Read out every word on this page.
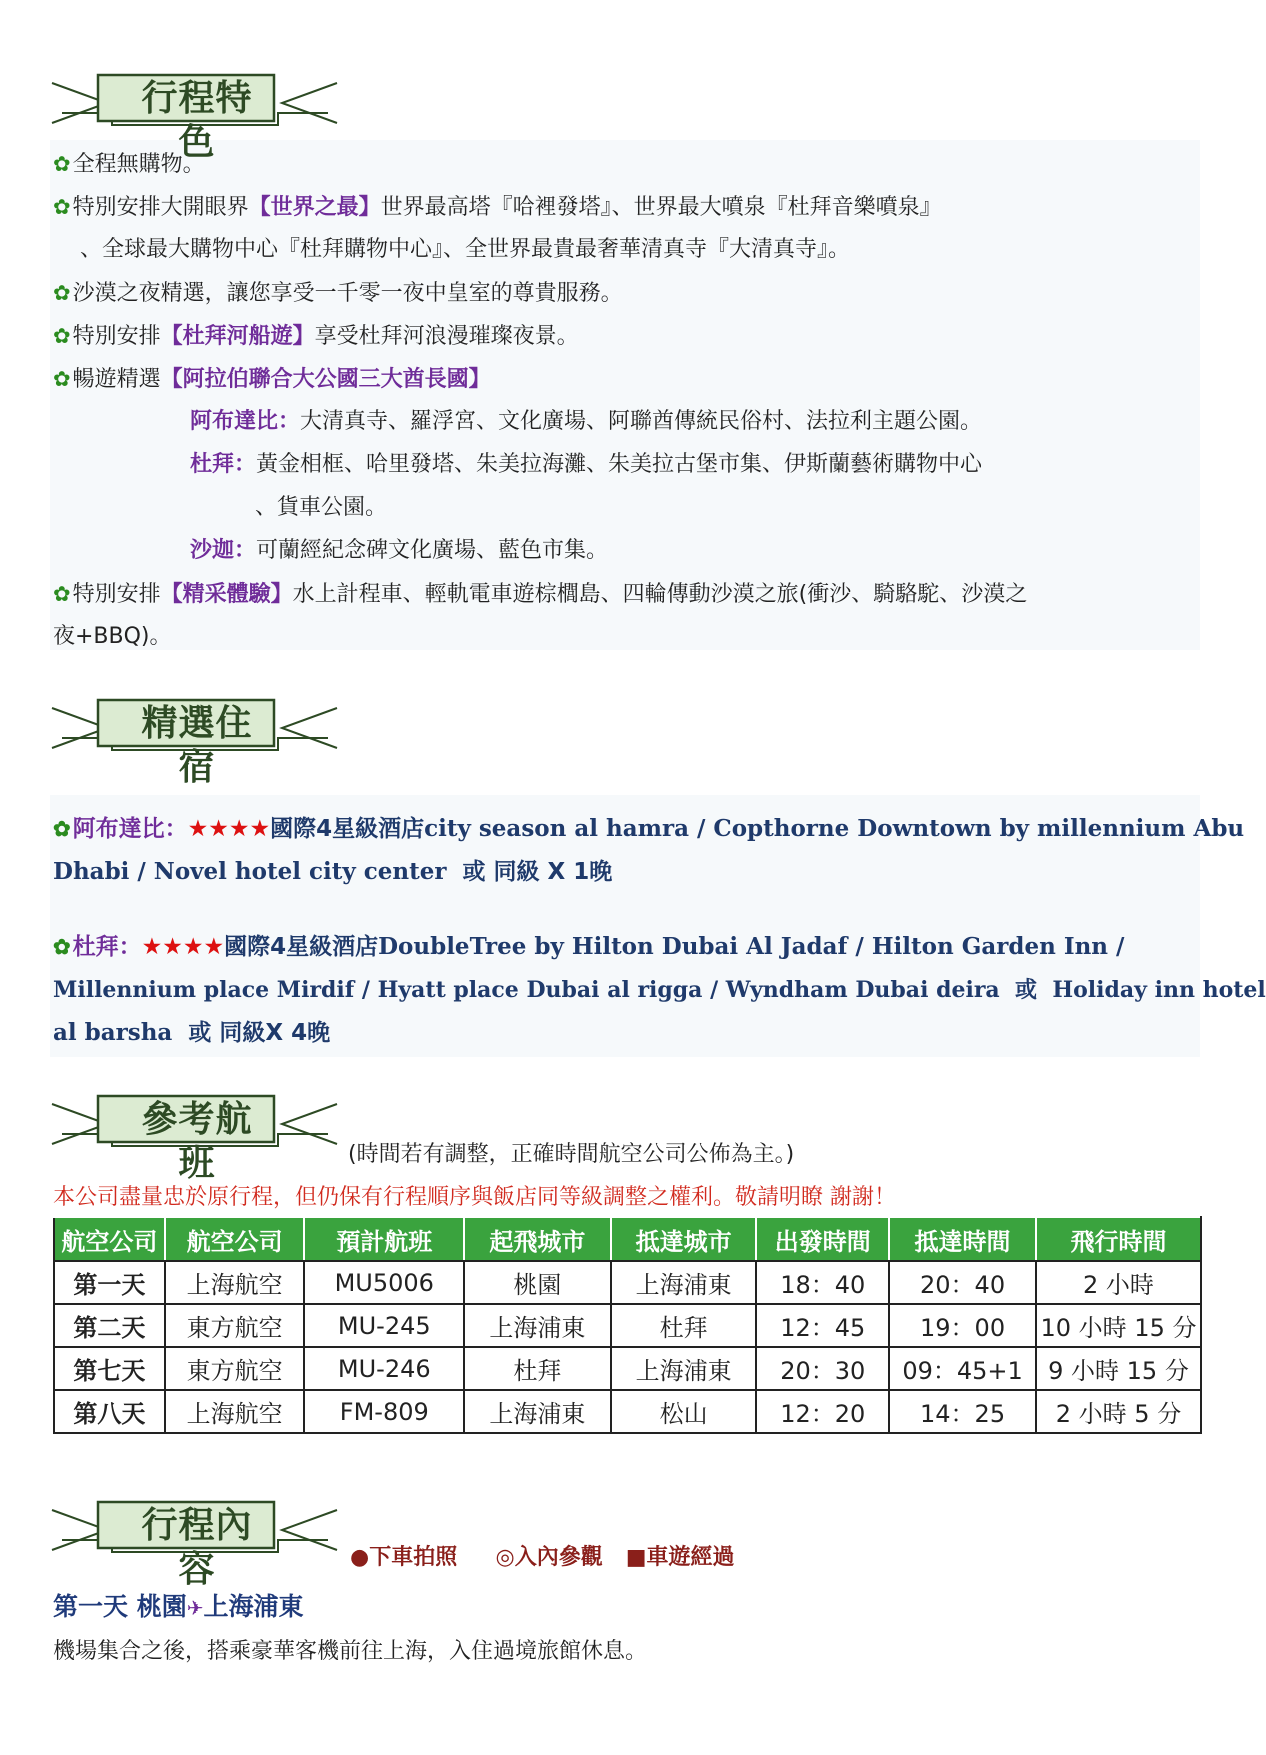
行程特色
✿全程無購物。
✿特別安排大開眼界【世界之最】世界最高塔『哈裡發塔』、世界最大噴泉『杜拜音樂噴泉』
、全球最大購物中心『杜拜購物中心』、全世界最貴最奢華清真寺『大清真寺』。
✿沙漠之夜精選，讓您享受一千零一夜中皇室的尊貴服務。
✿特別安排【杜拜河船遊】享受杜拜河浪漫璀璨夜景。
✿暢遊精選【阿拉伯聯合大公國三大酋長國】
阿布達比：大清真寺、羅浮宮、文化廣場、阿聯酋傳統民俗村、法拉利主題公園。
杜拜：黃金相框、哈里發塔、朱美拉海灘、朱美拉古堡市集、伊斯蘭藝術購物中心
、貨車公園。
沙迦：可蘭經紀念碑文化廣場、藍色市集。
✿特別安排【精采體驗】水上計程車、輕軌電車遊棕櫚島、四輪傳動沙漠之旅(衝沙、騎駱駝、沙漠之
夜+BBQ)。
精選住宿
✿阿布達比：★★★★國際4星級酒店city season al hamra / Copthorne Downtown by millennium Abu
Dhabi / Novel hotel city center 或 同級 X 1晚
✿杜拜：★★★★國際4星級酒店DoubleTree by Hilton Dubai Al Jadaf / Hilton Garden Inn /
Millennium place Mirdif / Hyatt place Dubai al rigga / Wyndham Dubai deira 或 Holiday inn hotel
al barsha 或 同級X 4晚
參考航班	(時間若有調整，正確時間航空公司公佈為主。)
本公司盡量忠於原行程，但仍保有行程順序與飯店同等級調整之權利。敬請明瞭 謝謝！
航空公司	航空公司	預計航班	起飛城市	抵達城市	出發時間	抵達時間	飛行時間
第一天	上海航空	MU5006	桃園	上海浦東	18：40	20：40	2 小時
第二天	東方航空	MU-245	上海浦東	杜拜	12：45	19：00	10 小時 15 分
第七天	東方航空	MU-246	杜拜	上海浦東	20：30	09：45+1	9 小時 15 分
第八天	上海航空	FM-809	上海浦東	松山	12：20	14：25	2 小時 5 分
行程內容	●下車拍照 ◎入內參觀 ■車遊經過
第一天 桃園✈上海浦東
機場集合之後，搭乘豪華客機前往上海，入住過境旅館休息。
